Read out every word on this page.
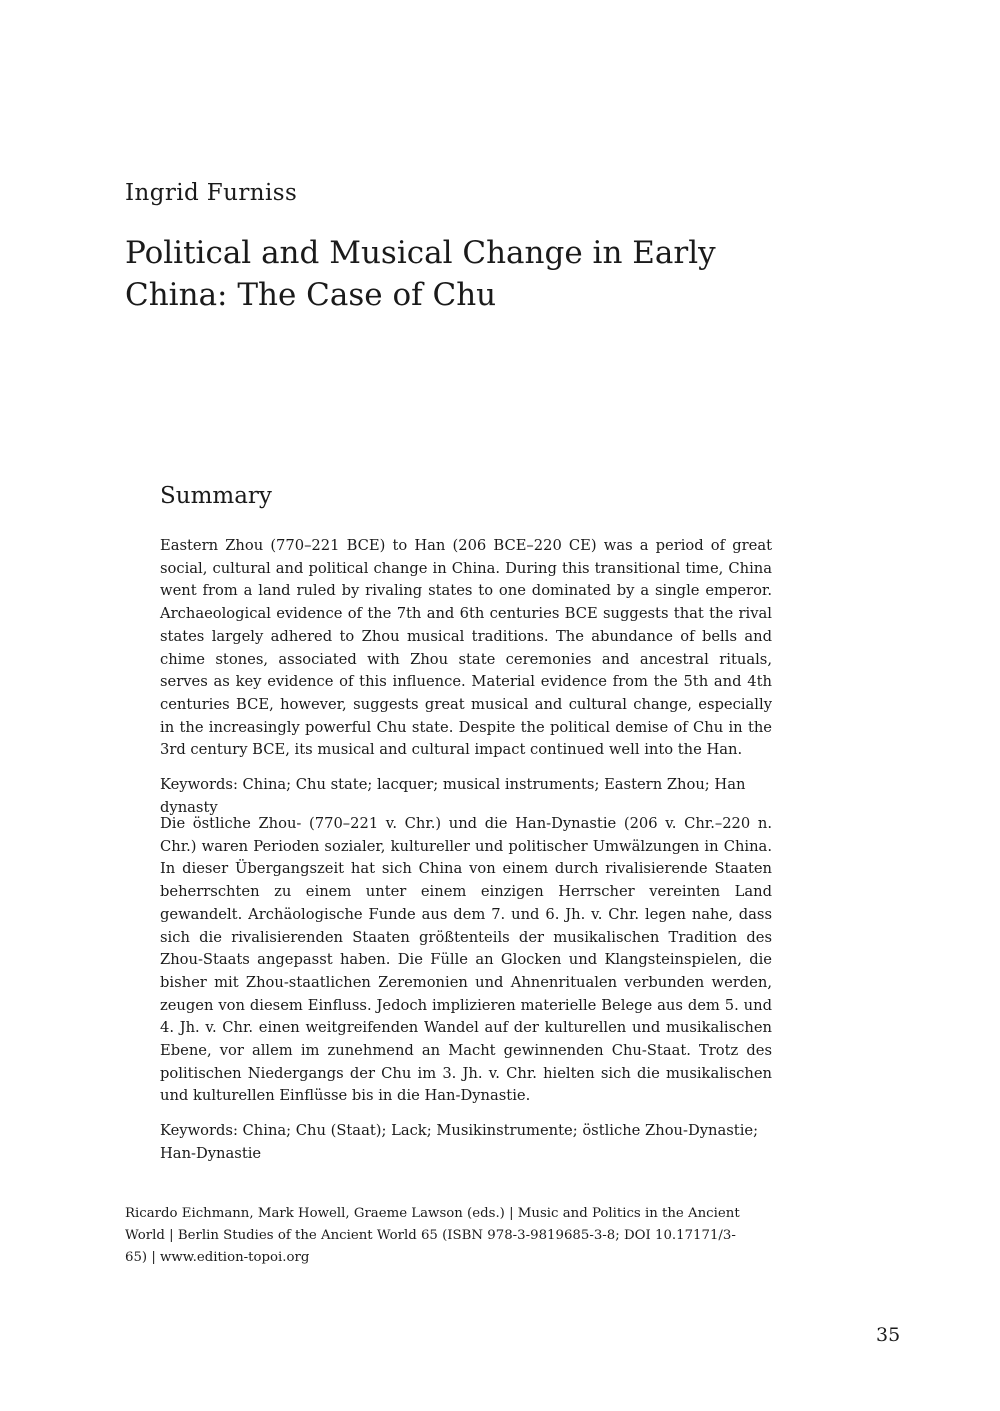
Ingrid Furniss

Political and Musical Change in Early China: The Case of Chu
Summary

Eastern Zhou (770–221 BCE) to Han (206 BCE–220 CE) was a period of great social, cultural and political change in China. During this transitional time, China went from a land ruled by rivaling states to one dominated by a single emperor. Archaeological evidence of the 7th and 6th centuries BCE suggests that the rival states largely adhered to Zhou musical traditions. The abundance of bells and chime stones, associated with Zhou state ceremonies and ancestral rituals, serves as key evidence of this influence. Material evidence from the 5th and 4th centuries BCE, however, suggests great musical and cultural change, especially in the increasingly powerful Chu state. Despite the political demise of Chu in the 3rd century BCE, its musical and cultural impact continued well into the Han.

Keywords: China; Chu state; lacquer; musical instruments; Eastern Zhou; Han dynasty

Die östliche Zhou- (770–221 v. Chr.) und die Han-Dynastie (206 v. Chr.–220 n. Chr.) waren Perioden sozialer, kultureller und politischer Umwälzungen in China. In dieser Übergangszeit hat sich China von einem durch rivalisierende Staaten beherrschten zu einem unter einem einzigen Herrscher vereinten Land gewandelt. Archäologische Funde aus dem 7. und 6. Jh. v. Chr. legen nahe, dass sich die rivalisierenden Staaten größtenteils der musikalischen Tradition des Zhou-Staats angepasst haben. Die Fülle an Glocken und Klangsteinspielen, die bisher mit Zhou-staatlichen Zeremonien und Ahnenritualen verbunden werden, zeugen von diesem Einfluss. Jedoch implizieren materielle Belege aus dem 5. und 4. Jh. v. Chr. einen weitgreifenden Wandel auf der kulturellen und musikalischen Ebene, vor allem im zunehmend an Macht gewinnenden Chu-Staat. Trotz des politischen Niedergangs der Chu im 3. Jh. v. Chr. hielten sich die musikalischen und kulturellen Einflüsse bis in die Han-Dynastie.

Keywords: China; Chu (Staat); Lack; Musikinstrumente; östliche Zhou-Dynastie; Han-Dynastie

Ricardo Eichmann, Mark Howell, Graeme Lawson (eds.) | Music and Politics in the Ancient World | Berlin Studies of the Ancient World 65 (ISBN 978-3-9819685-3-8; DOI 10.17171/3-65) | www.edition-topoi.org

35
